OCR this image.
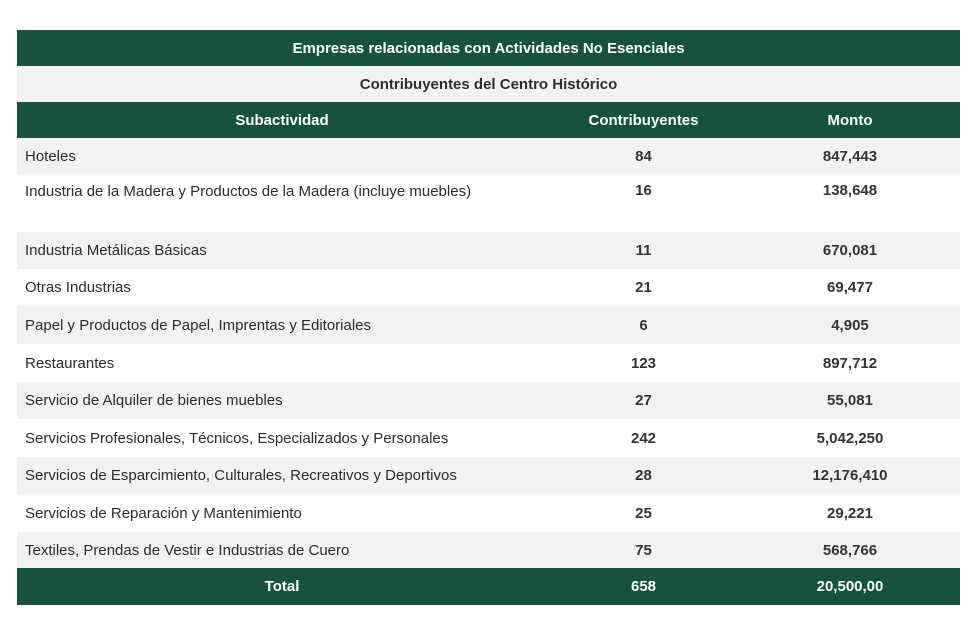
Empresas relacionadas con Actividades No Esenciales
Contribuyentes del Centro Histórico
Subactividad	Contribuyentes	Monto
Hoteles	84	847,443
Industria de la Madera y Productos de la Madera (incluye muebles)	16	138,648
Industria Metálicas Básicas	11	670,081
Otras Industrias	21	69,477
Papel y Productos de Papel, Imprentas y Editoriales	6	4,905
Restaurantes	123	897,712
Servicio de Alquiler de bienes muebles	27	55,081
Servicios Profesionales, Técnicos, Especializados y Personales	242	5,042,250
Servicios de Esparcimiento, Culturales, Recreativos y Deportivos	28	12,176,410
Servicios de Reparación y Mantenimiento	25	29,221
Textiles, Prendas de Vestir e Industrias de Cuero	75	568,766
Total	658	20,500,00
